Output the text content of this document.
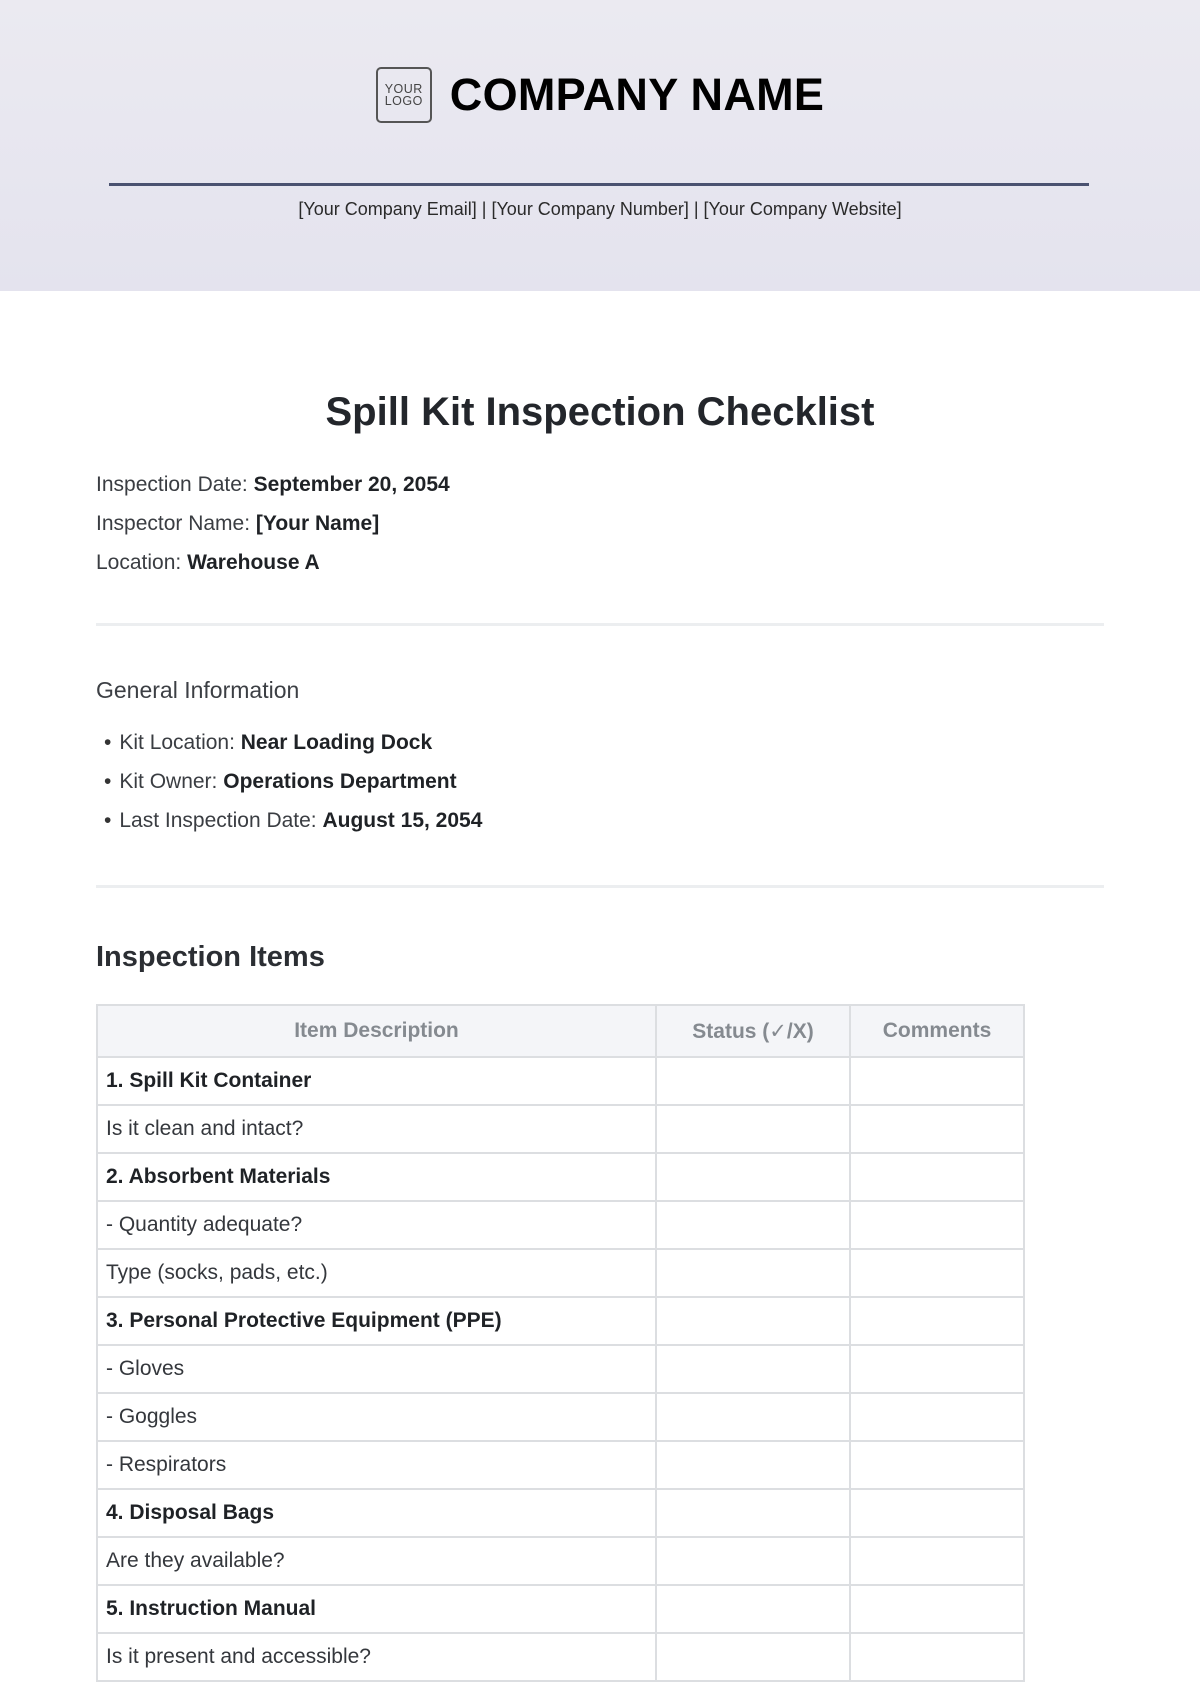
YOUR
LOGO COMPANY NAME
[Your Company Email] | [Your Company Number] | [Your Company Website]
Spill Kit Inspection Checklist
Inspection Date: September 20, 2054
Inspector Name: [Your Name]
Location: Warehouse A
General Information
• Kit Location: Near Loading Dock
• Kit Owner: Operations Department
• Last Inspection Date: August 15, 2054
Inspection Items
Item Description	Status (✓/X)	Comments
1. Spill Kit Container		
Is it clean and intact?		
2. Absorbent Materials		
- Quantity adequate?		
Type (socks, pads, etc.)		
3. Personal Protective Equipment (PPE)		
- Gloves		
- Goggles		
- Respirators		
4. Disposal Bags		
Are they available?		
5. Instruction Manual		
Is it present and accessible?		
